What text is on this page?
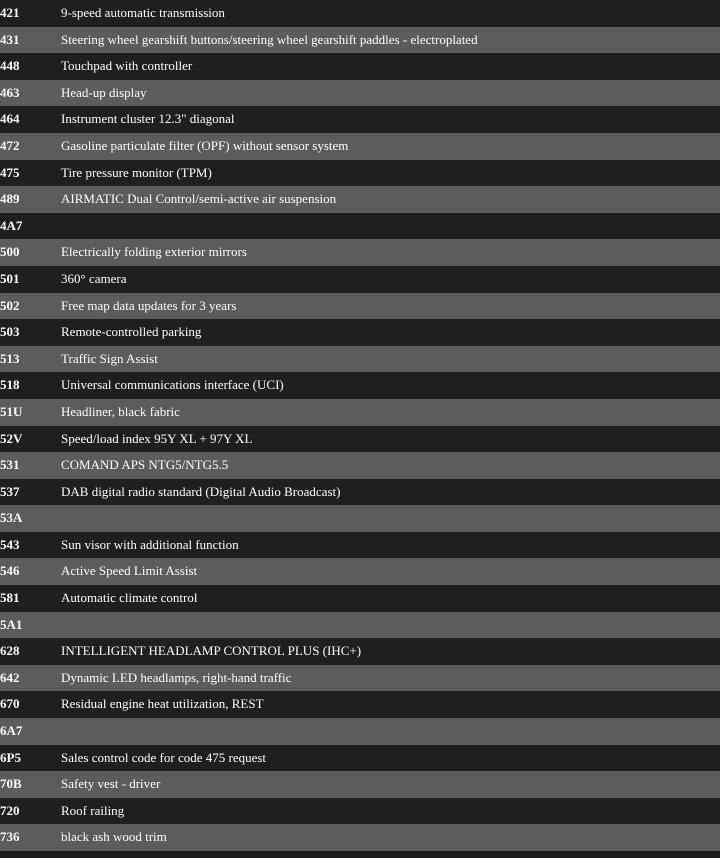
421	9-speed automatic transmission
431	Steering wheel gearshift buttons/steering wheel gearshift paddles - electroplated
448	Touchpad with controller
463	Head-up display
464	Instrument cluster 12.3" diagonal
472	Gasoline particulate filter (OPF) without sensor system
475	Tire pressure monitor (TPM)
489	AIRMATIC Dual Control/semi-active air suspension
4A7	
500	Electrically folding exterior mirrors
501	360° camera
502	Free map data updates for 3 years
503	Remote-controlled parking
513	Traffic Sign Assist
518	Universal communications interface (UCI)
51U	Headliner, black fabric
52V	Speed/load index 95Y XL + 97Y XL
531	COMAND APS NTG5/NTG5.5
537	DAB digital radio standard (Digital Audio Broadcast)
53A	
543	Sun visor with additional function
546	Active Speed Limit Assist
581	Automatic climate control
5A1	
628	INTELLIGENT HEADLAMP CONTROL PLUS (IHC+)
642	Dynamic LED headlamps, right-hand traffic
670	Residual engine heat utilization, REST
6A7	
6P5	Sales control code for code 475 request
70B	Safety vest - driver
720	Roof railing
736	black ash wood trim
